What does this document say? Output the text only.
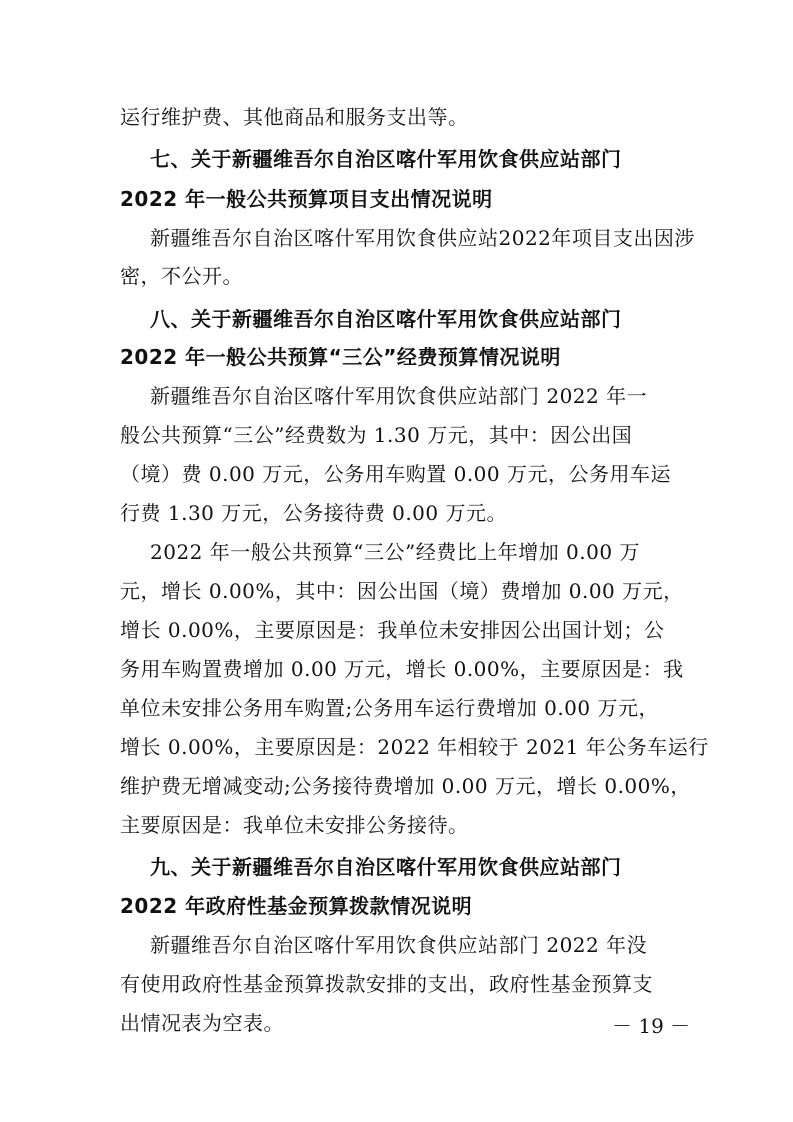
运行维护费、其他商品和服务支出等。
七、关于新疆维吾尔自治区喀什军用饮食供应站部门
2022 年一般公共预算项目支出情况说明
新疆维吾尔自治区喀什军用饮食供应站2022年项目支出因涉
密，不公开。
八、关于新疆维吾尔自治区喀什军用饮食供应站部门
2022 年一般公共预算“三公”经费预算情况说明
新疆维吾尔自治区喀什军用饮食供应站部门 2022 年一
般公共预算“三公”经费数为 1.30 万元，其中：因公出国
（境）费 0.00 万元，公务用车购置 0.00 万元，公务用车运
行费 1.30 万元，公务接待费 0.00 万元。
2022 年一般公共预算“三公”经费比上年增加 0.00 万
元，增长 0.00%，其中：因公出国（境）费增加 0.00 万元，
增长 0.00%，主要原因是：我单位未安排因公出国计划；公
务用车购置费增加 0.00 万元，增长 0.00%，主要原因是：我
单位未安排公务用车购置;公务用车运行费增加 0.00 万元，
增长 0.00%，主要原因是：2022 年相较于 2021 年公务车运行
维护费无增减变动;公务接待费增加 0.00 万元，增长 0.00%，
主要原因是：我单位未安排公务接待。
九、关于新疆维吾尔自治区喀什军用饮食供应站部门
2022 年政府性基金预算拨款情况说明
新疆维吾尔自治区喀什军用饮食供应站部门 2022 年没
有使用政府性基金预算拨款安排的支出，政府性基金预算支
出情况表为空表。	－ 19 －
